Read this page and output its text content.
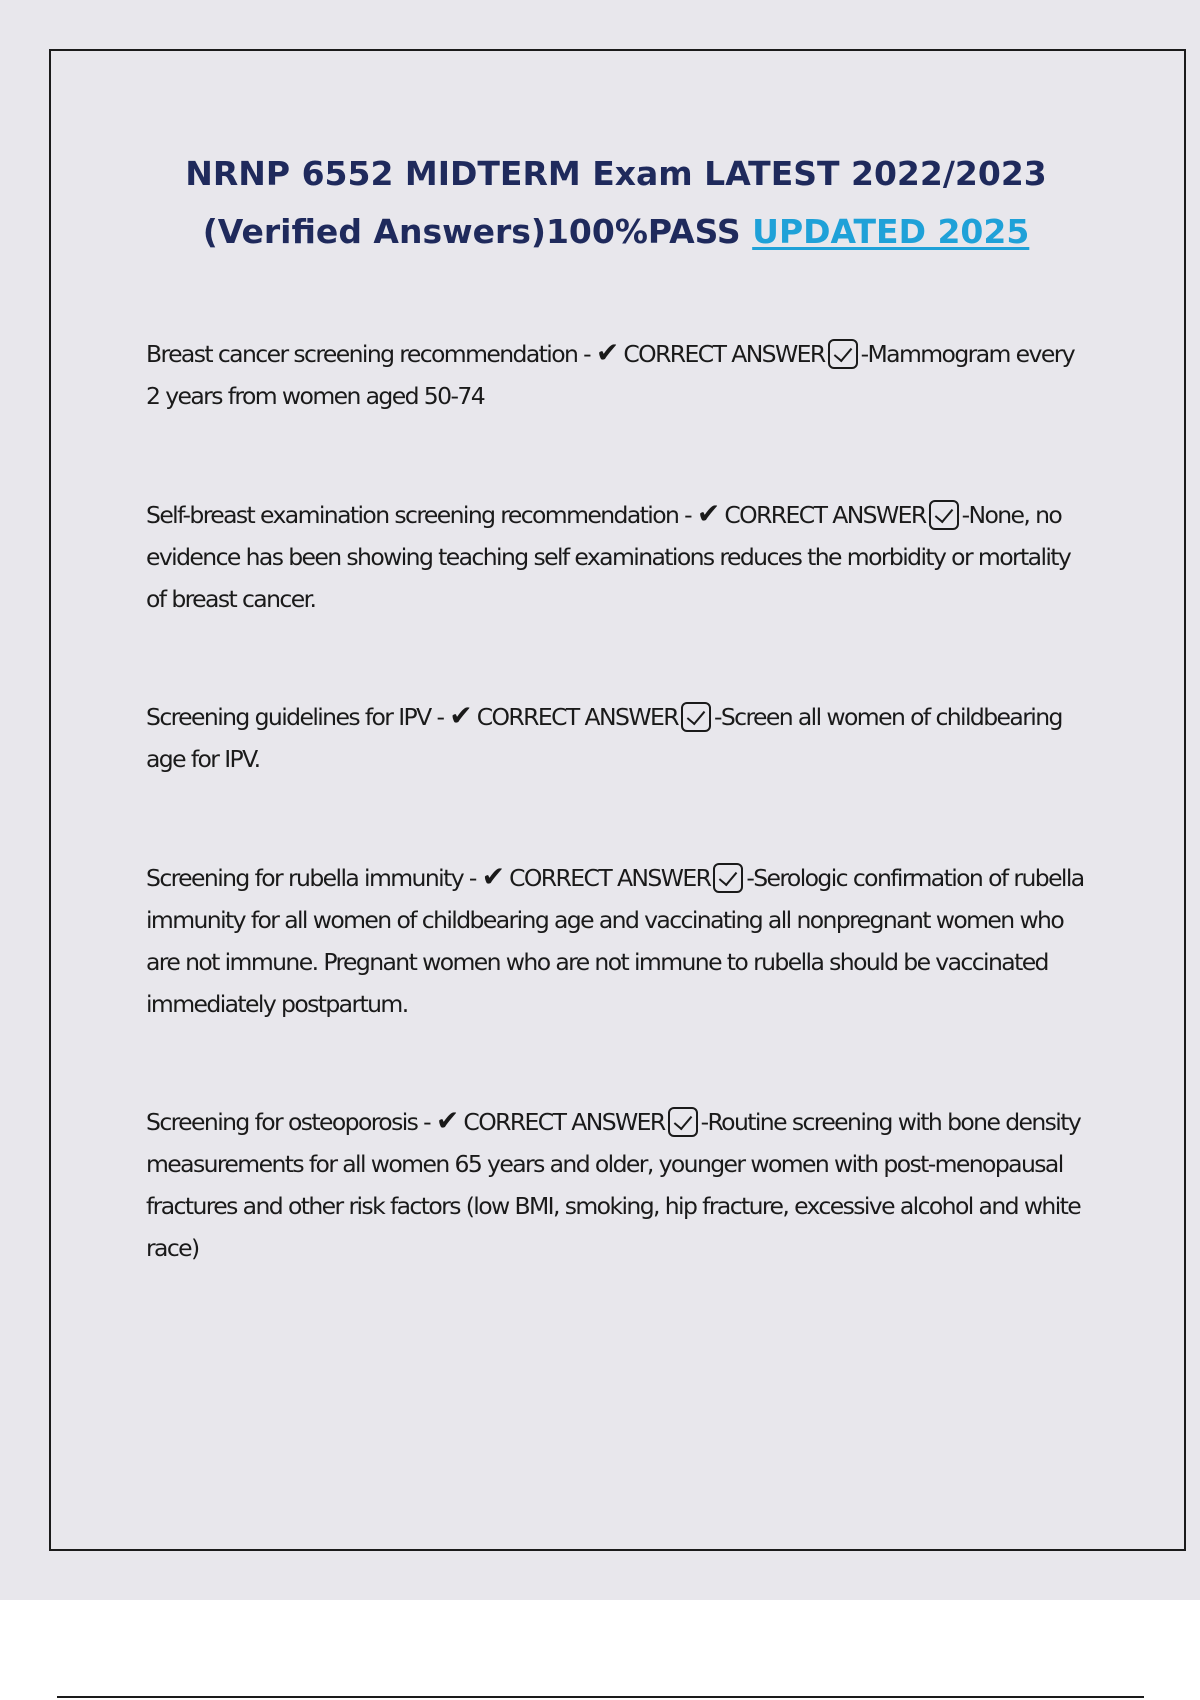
NRNP 6552 MIDTERM Exam LATEST 2022/2023
(Verified Answers)100%PASS UPDATED 2025
Breast cancer screening recommendation - ✔ CORRECT ANSWER -Mammogram every 2 years from women aged 50-74
Self-breast examination screening recommendation - ✔ CORRECT ANSWER -None, no evidence has been showing teaching self examinations reduces the morbidity or mortality of breast cancer.
Screening guidelines for IPV - ✔ CORRECT ANSWER -Screen all women of childbearing age for IPV.
Screening for rubella immunity - ✔ CORRECT ANSWER -Serologic confirmation of rubella immunity for all women of childbearing age and vaccinating all nonpregnant women who are not immune. Pregnant women who are not immune to rubella should be vaccinated immediately postpartum.
Screening for osteoporosis - ✔ CORRECT ANSWER -Routine screening with bone density measurements for all women 65 years and older, younger women with post-menopausal fractures and other risk factors (low BMI, smoking, hip fracture, excessive alcohol and white race)
